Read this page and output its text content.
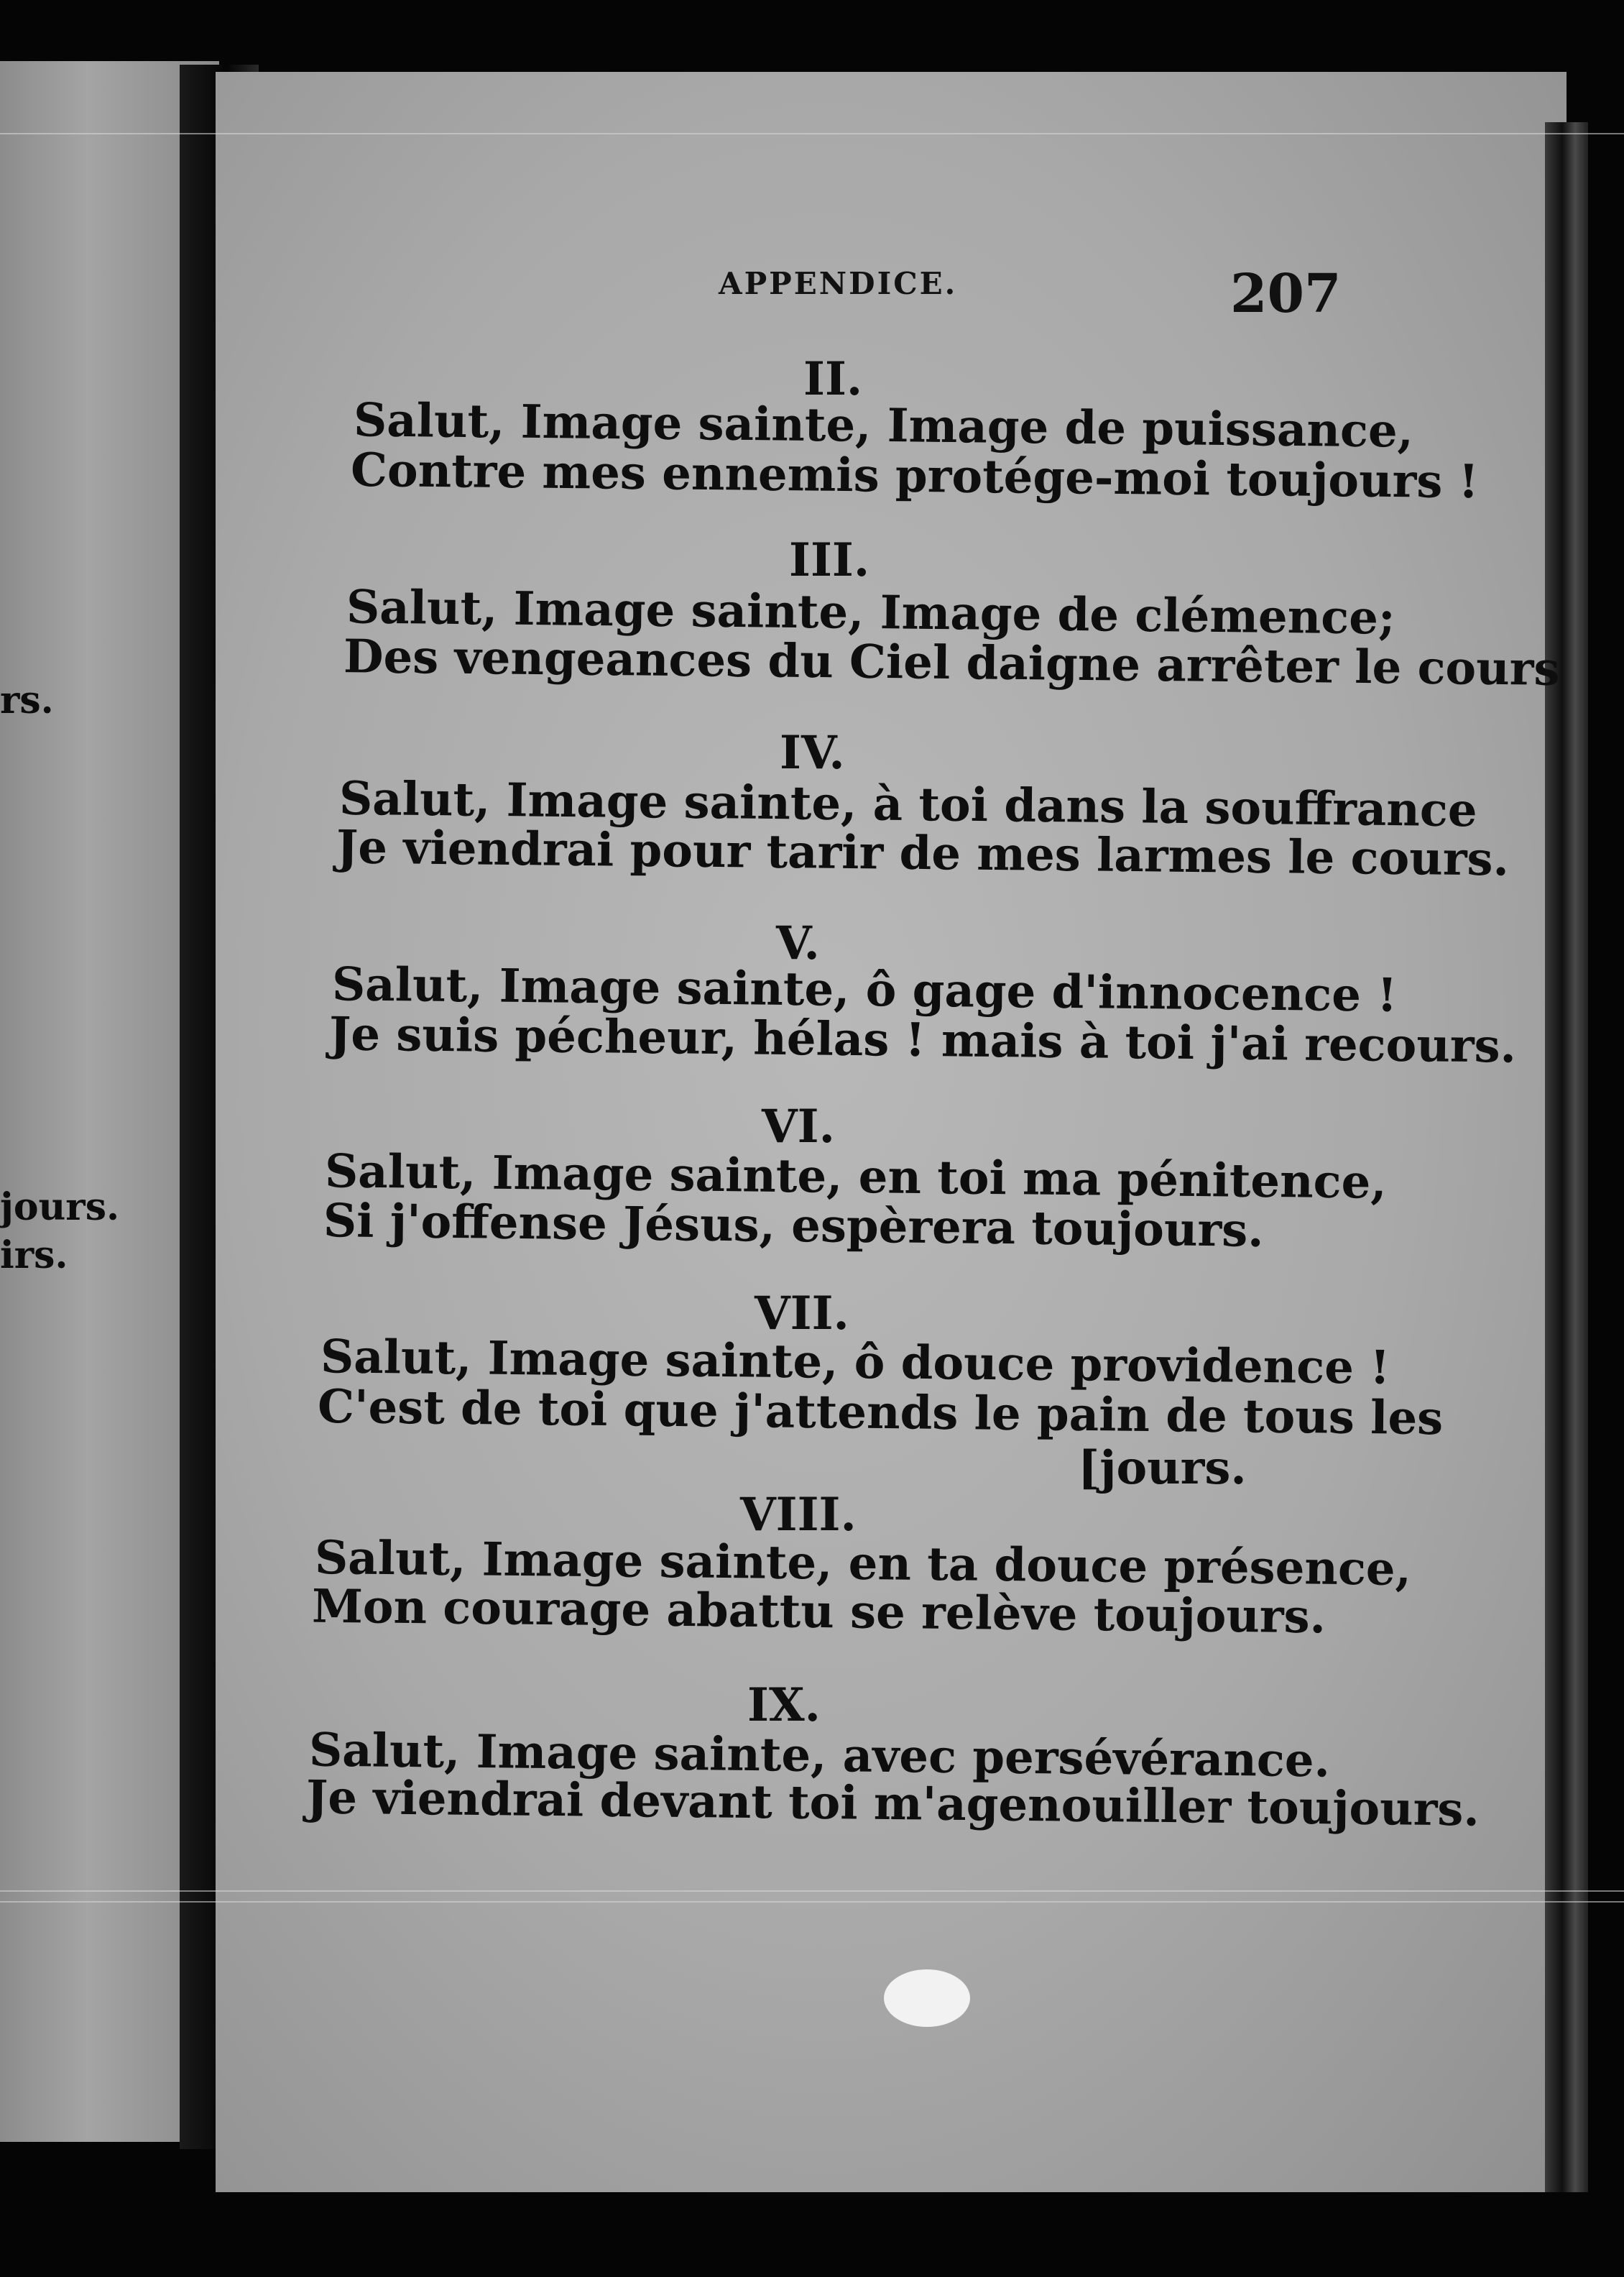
rs.
jours.
irs.
APPENDICE.	207
II.
Salut, Image sainte, Image de puissance,
Contre mes ennemis protége-moi toujours !
III.
Salut, Image sainte, Image de clémence;
Des vengeances du Ciel daigne arrêter le cours
IV.
Salut, Image sainte, à toi dans la souffrance
Je viendrai pour tarir de mes larmes le cours.
V.
Salut, Image sainte, ô gage d'innocence !
Je suis pécheur, hélas ! mais à toi j'ai recours.
VI.
Salut, Image sainte, en toi ma pénitence,
Si j'offense Jésus, espèrera toujours.
VII.
Salut, Image sainte, ô douce providence !
C'est de toi que j'attends le pain de tous les
[jours.
VIII.
Salut, Image sainte, en ta douce présence,
Mon courage abattu se relève toujours.
IX.
Salut, Image sainte, avec persévérance.
Je viendrai devant toi m'agenouiller toujours.
